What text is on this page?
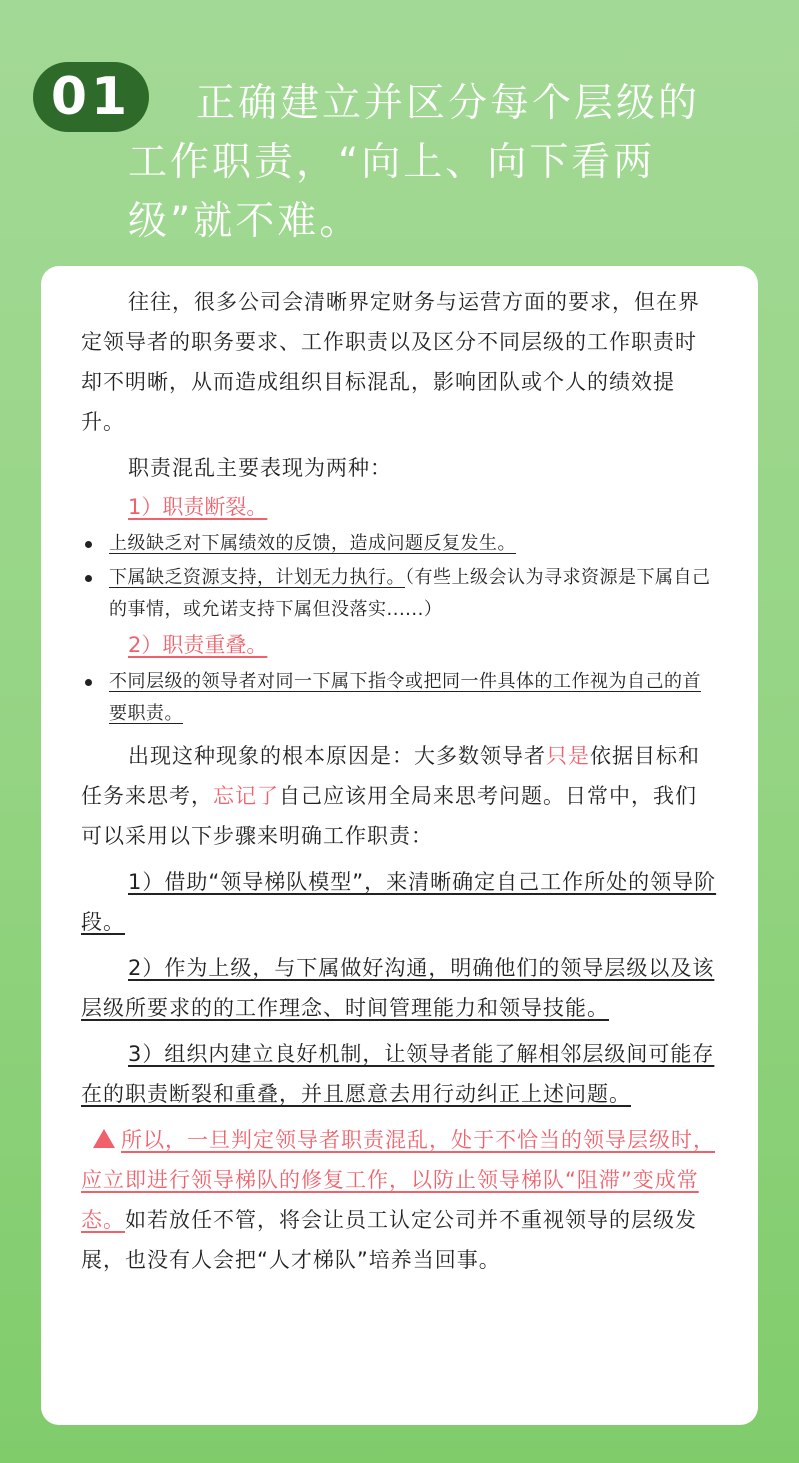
01	正确建立并区分每个层级的工作职责，“向上、向下看两级”就不难。

往往，很多公司会清晰界定财务与运营方面的要求，但在界定领导者的职务要求、工作职责以及区分不同层级的工作职责时却不明晰，从而造成组织目标混乱，影响团队或个人的绩效提升。

职责混乱主要表现为两种：

1）职责断裂。

上级缺乏对下属绩效的反馈，造成问题反复发生。
下属缺乏资源支持，计划无力执行。（有些上级会认为寻求资源是下属自己的事情，或允诺支持下属但没落实......）

2）职责重叠。

不同层级的领导者对同一下属下指令或把同一件具体的工作视为自己的首要职责。

出现这种现象的根本原因是：大多数领导者只是依据目标和任务来思考，忘记了自己应该用全局来思考问题。日常中，我们可以采用以下步骤来明确工作职责：

1）借助“领导梯队模型”，来清晰确定自己工作所处的领导阶段。

2）作为上级，与下属做好沟通，明确他们的领导层级以及该层级所要求的的工作理念、时间管理能力和领导技能。

3）组织内建立良好机制，让领导者能了解相邻层级间可能存在的职责断裂和重叠，并且愿意去用行动纠正上述问题。

所以，一旦判定领导者职责混乱，处于不恰当的领导层级时，应立即进行领导梯队的修复工作，以防止领导梯队“阻滞”变成常态。如若放任不管，将会让员工认定公司并不重视领导的层级发展，也没有人会把“人才梯队”培养当回事。
